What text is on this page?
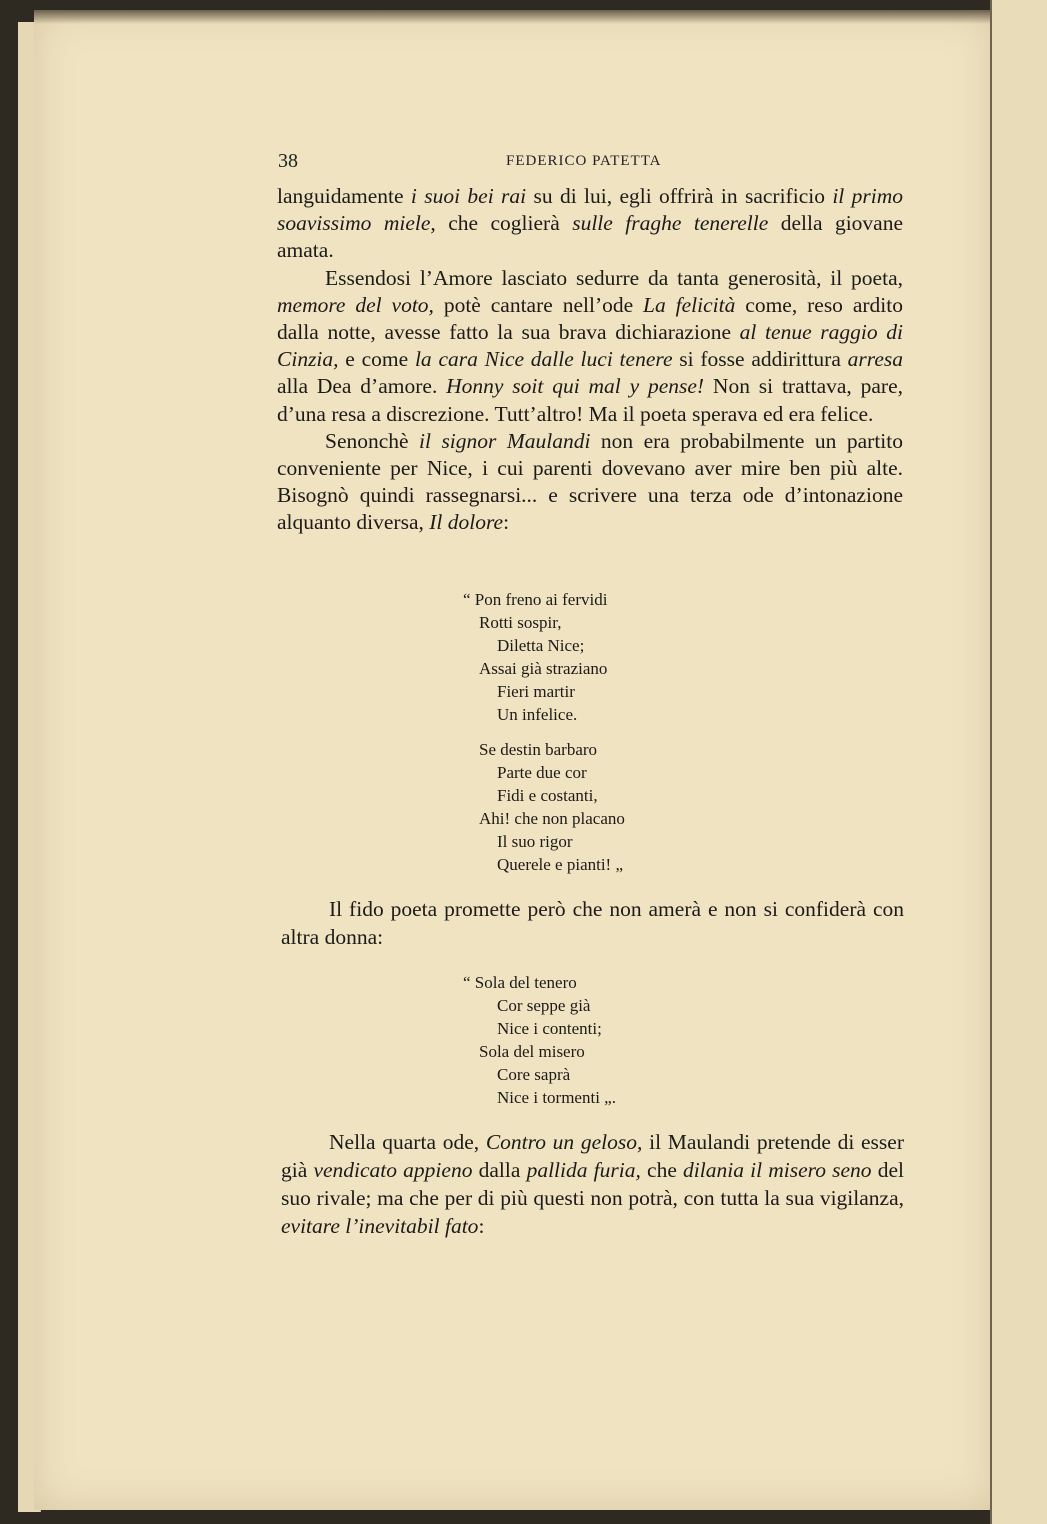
38	FEDERICO PATETTA

languidamente i suoi bei rai su di lui, egli offrirà in sacrificio il primo soavissimo miele, che coglierà sulle fraghe tenerelle della giovane amata.

Essendosi l’Amore lasciato sedurre da tanta generosità, il poeta, memore del voto, potè cantare nell’ode La felicità come, reso ardito dalla notte, avesse fatto la sua brava dichiarazione al tenue raggio di Cinzia, e come la cara Nice dalle luci tenere si fosse addirittura arresa alla Dea d’amore. Honny soit qui mal y pense! Non si trattava, pare, d’una resa a discrezione. Tutt’altro! Ma il poeta sperava ed era felice.

Senonchè il signor Maulandi non era probabilmente un partito conveniente per Nice, i cui parenti dovevano aver mire ben più alte. Bisognò quindi rassegnarsi... e scrivere una terza ode d’intonazione alquanto diversa, Il dolore:

“ Pon freno ai fervidi
Rotti sospir,
Diletta Nice;
Assai già straziano
Fieri martir
Un infelice.
Se destin barbaro
Parte due cor
Fidi e costanti,
Ahi! che non placano
Il suo rigor
Querele e pianti! „

Il fido poeta promette però che non amerà e non si confiderà con altra donna:

“ Sola del tenero
Cor seppe già
Nice i contenti;
Sola del misero
Core saprà
Nice i tormenti „.

Nella quarta ode, Contro un geloso, il Maulandi pretende di esser già vendicato appieno dalla pallida furia, che dilania il misero seno del suo rivale; ma che per di più questi non potrà, con tutta la sua vigilanza, evitare l’inevitabil fato:
